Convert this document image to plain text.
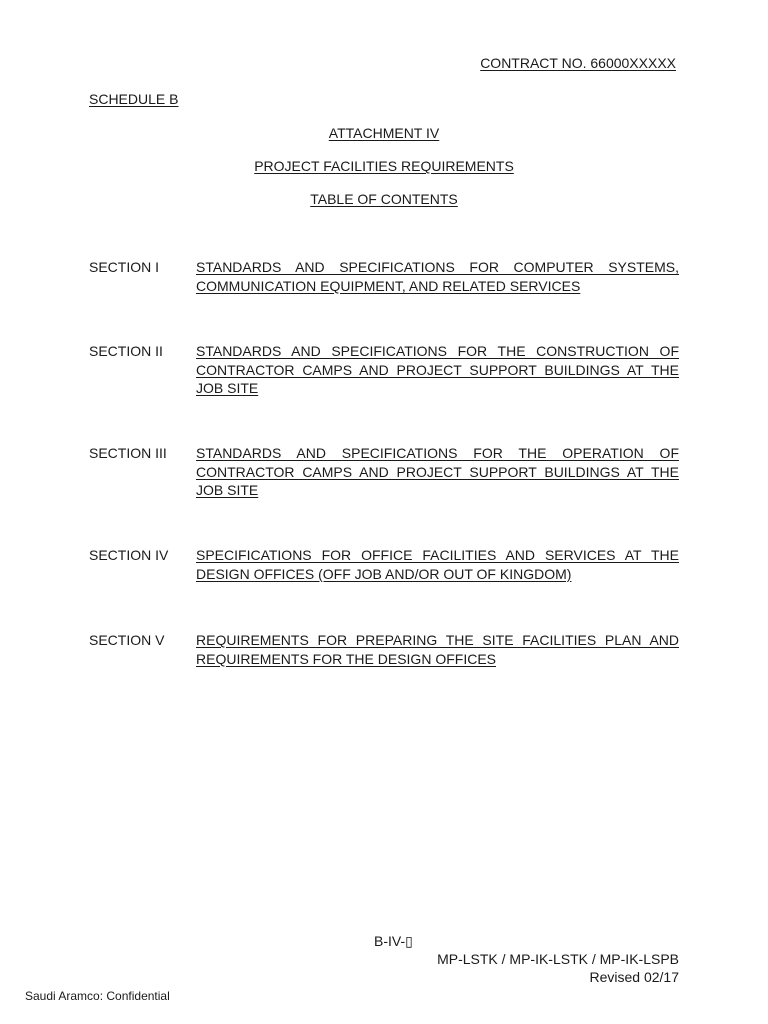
CONTRACT NO. 66000XXXXX
SCHEDULE B
ATTACHMENT IV
PROJECT FACILITIES REQUIREMENTS
TABLE OF CONTENTS
SECTION I	STANDARDS AND SPECIFICATIONS FOR COMPUTER SYSTEMS, COMMUNICATION EQUIPMENT, AND RELATED SERVICES
SECTION II	STANDARDS AND SPECIFICATIONS FOR THE CONSTRUCTION OF CONTRACTOR CAMPS AND PROJECT SUPPORT BUILDINGS AT THE JOB SITE
SECTION III	STANDARDS AND SPECIFICATIONS FOR THE OPERATION OF CONTRACTOR CAMPS AND PROJECT SUPPORT BUILDINGS AT THE JOB SITE
SECTION IV	SPECIFICATIONS FOR OFFICE FACILITIES AND SERVICES AT THE DESIGN OFFICES (OFF JOB AND/OR OUT OF KINGDOM)
SECTION V	REQUIREMENTS FOR PREPARING THE SITE FACILITIES PLAN AND REQUIREMENTS FOR THE DESIGN OFFICES
B-IV-▯
MP-LSTK / MP-IK-LSTK / MP-IK-LSPB
Revised 02/17
Saudi Aramco: Confidential
